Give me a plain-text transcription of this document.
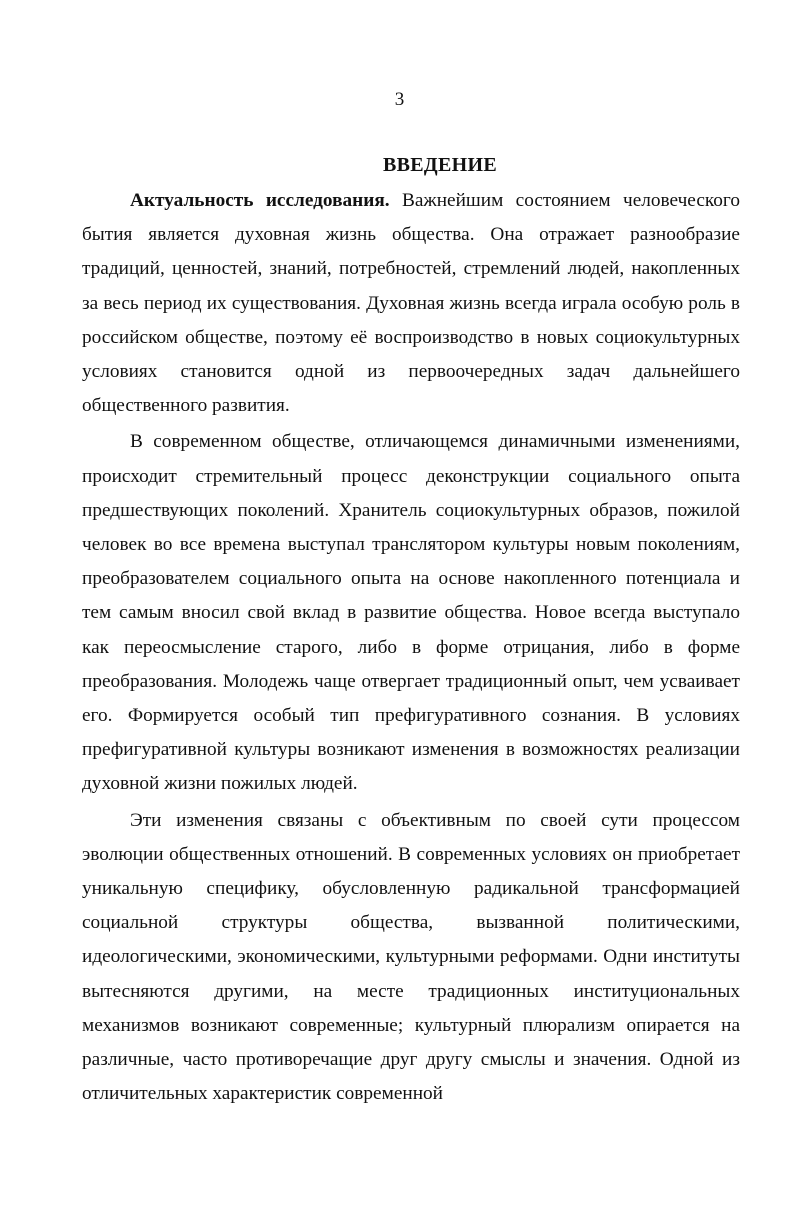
3
ВВЕДЕНИЕ

Актуальность исследования. Важнейшим состоянием человеческого бытия является духовная жизнь общества. Она отражает разнообразие традиций, ценностей, знаний, потребностей, стремлений людей, накопленных за весь период их существования. Духовная жизнь всегда играла особую роль в российском обществе, поэтому её воспроизводство в новых социокультурных условиях становится одной из первоочередных задач дальнейшего общественного развития.

В современном обществе, отличающемся динамичными изменениями, происходит стремительный процесс деконструкции социального опыта предшествующих поколений. Хранитель социокультурных образов, пожилой человек во все времена выступал транслятором культуры новым поколениям, преобразователем социального опыта на основе накопленного потенциала и тем самым вносил свой вклад в развитие общества. Новое всегда выступало как переосмысление старого, либо в форме отрицания, либо в форме преобразования. Молодежь чаще отвергает традиционный опыт, чем усваивает его. Формируется особый тип префигуративного сознания. В условиях префигуративной культуры возникают изменения в возможностях реализации духовной жизни пожилых людей.

Эти изменения связаны с объективным по своей сути процессом эволюции общественных отношений. В современных условиях он приобретает уникальную специфику, обусловленную радикальной трансформацией социальной структуры общества, вызванной политическими, идеологическими, экономическими, культурными реформами. Одни институты вытесняются другими, на месте традиционных институциональных механизмов возникают современные; культурный плюрализм опирается на различные, часто противоречащие друг другу смыслы и значения. Одной из отличительных характеристик современной
